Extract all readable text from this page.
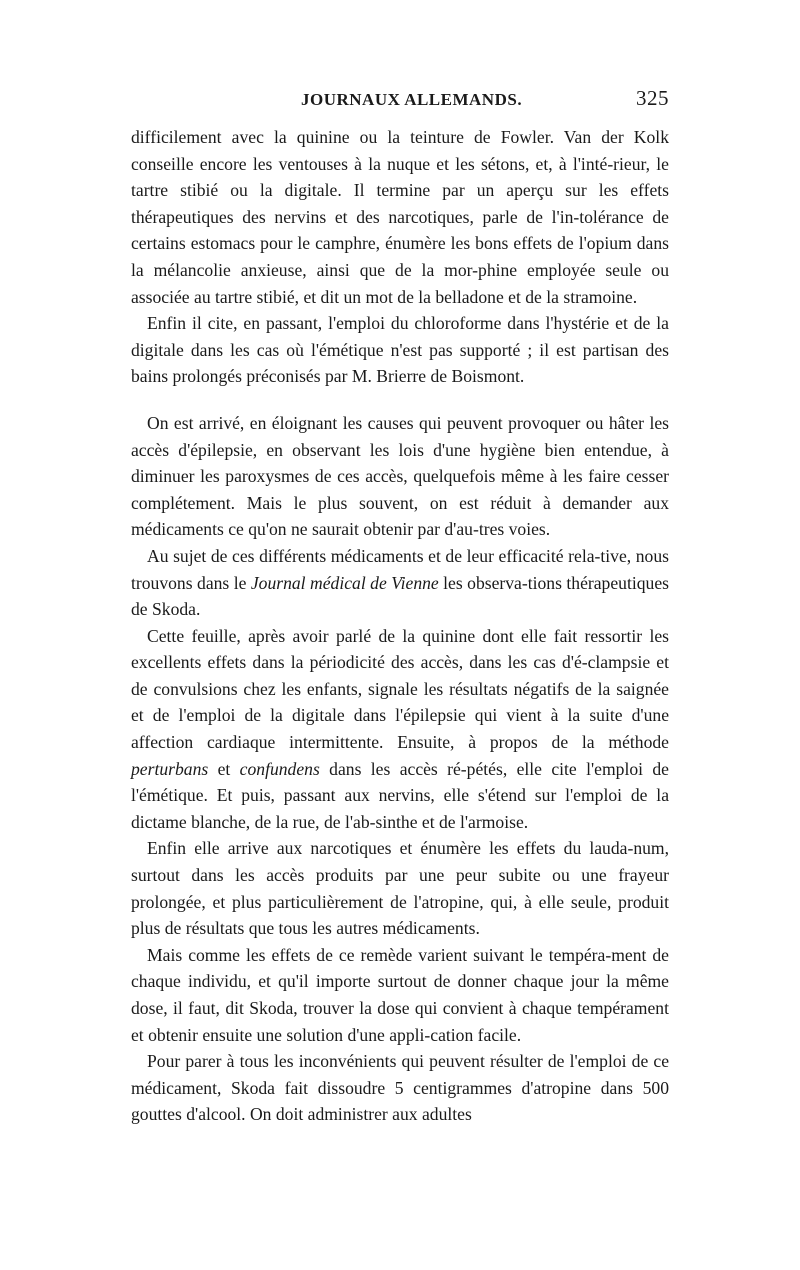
JOURNAUX ALLEMANDS.	325

difficilement avec la quinine ou la teinture de Fowler. Van der Kolk conseille encore les ventouses à la nuque et les sétons, et, à l'inté-rieur, le tartre stibié ou la digitale. Il termine par un aperçu sur les effets thérapeutiques des nervins et des narcotiques, parle de l'in-tolérance de certains estomacs pour le camphre, énumère les bons effets de l'opium dans la mélancolie anxieuse, ainsi que de la mor-phine employée seule ou associée au tartre stibié, et dit un mot de la belladone et de la stramoine.

Enfin il cite, en passant, l'emploi du chloroforme dans l'hystérie et de la digitale dans les cas où l'émétique n'est pas supporté ; il est partisan des bains prolongés préconisés par M. Brierre de Boismont.

On est arrivé, en éloignant les causes qui peuvent provoquer ou hâter les accès d'épilepsie, en observant les lois d'une hygiène bien entendue, à diminuer les paroxysmes de ces accès, quelquefois même à les faire cesser complétement. Mais le plus souvent, on est réduit à demander aux médicaments ce qu'on ne saurait obtenir par d'au-tres voies.

Au sujet de ces différents médicaments et de leur efficacité rela-tive, nous trouvons dans le Journal médical de Vienne les observa-tions thérapeutiques de Skoda.

Cette feuille, après avoir parlé de la quinine dont elle fait ressortir les excellents effets dans la périodicité des accès, dans les cas d'é-clampsie et de convulsions chez les enfants, signale les résultats négatifs de la saignée et de l'emploi de la digitale dans l'épilepsie qui vient à la suite d'une affection cardiaque intermittente. Ensuite, à propos de la méthode perturbans et confundens dans les accès ré-pétés, elle cite l'emploi de l'émétique. Et puis, passant aux nervins, elle s'étend sur l'emploi de la dictame blanche, de la rue, de l'ab-sinthe et de l'armoise.

Enfin elle arrive aux narcotiques et énumère les effets du lauda-num, surtout dans les accès produits par une peur subite ou une frayeur prolongée, et plus particulièrement de l'atropine, qui, à elle seule, produit plus de résultats que tous les autres médicaments.

Mais comme les effets de ce remède varient suivant le tempéra-ment de chaque individu, et qu'il importe surtout de donner chaque jour la même dose, il faut, dit Skoda, trouver la dose qui convient à chaque tempérament et obtenir ensuite une solution d'une appli-cation facile.

Pour parer à tous les inconvénients qui peuvent résulter de l'emploi de ce médicament, Skoda fait dissoudre 5 centigrammes d'atropine dans 500 gouttes d'alcool. On doit administrer aux adultes
